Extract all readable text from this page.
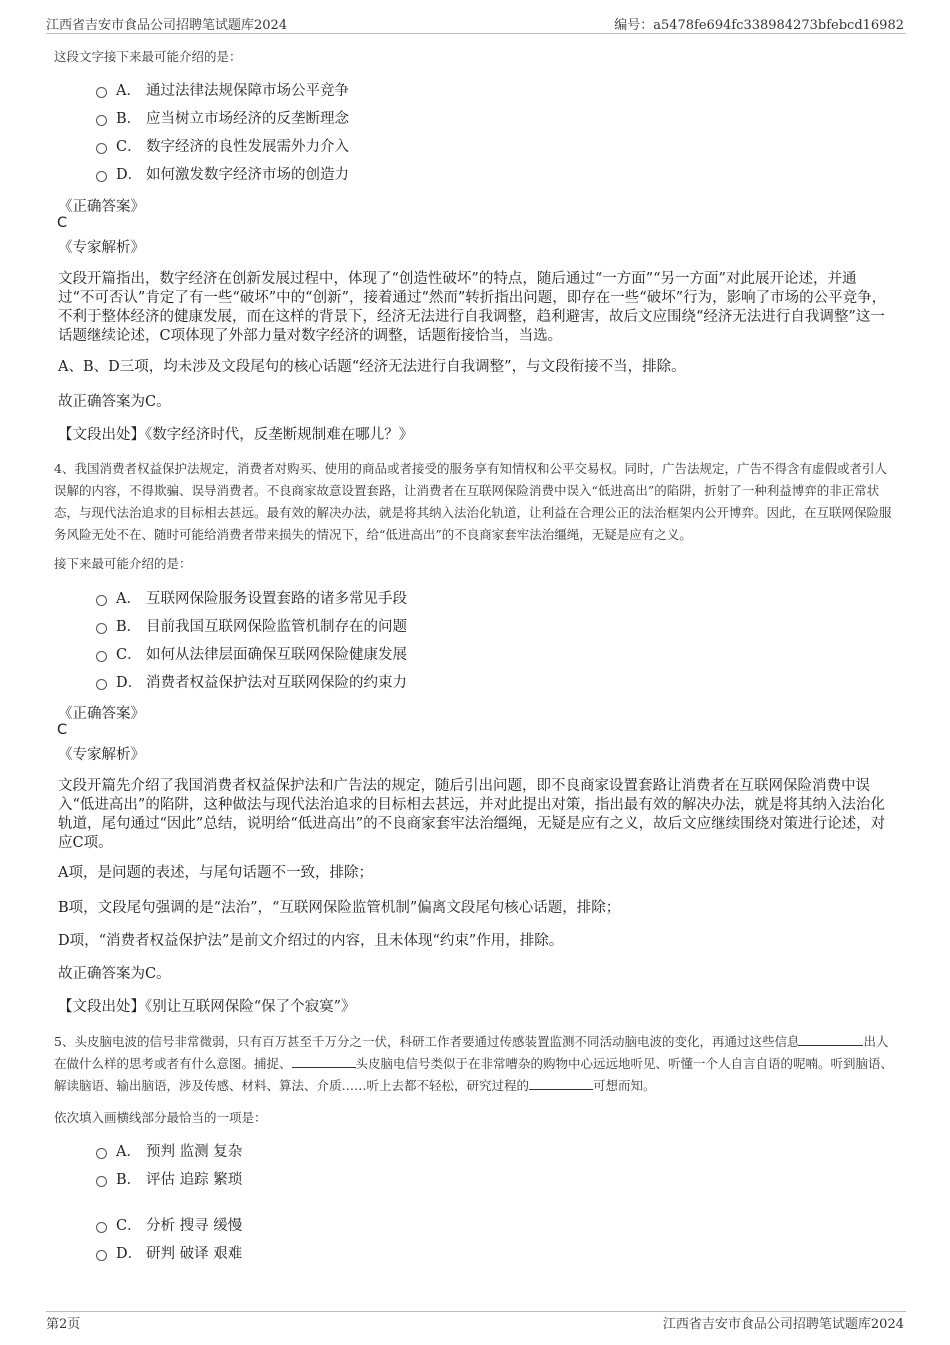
江西省吉安市食品公司招聘笔试题库2024	编号：a5478fe694fc338984273bfebcd16982
这段文字接下来最可能介绍的是：
A． 通过法律法规保障市场公平竞争
B． 应当树立市场经济的反垄断理念
C． 数字经济的良性发展需外力介入
D． 如何激发数字经济市场的创造力
《正确答案》
C
《专家解析》
文段开篇指出，数字经济在创新发展过程中，体现了“创造性破坏”的特点，随后通过“一方面”“另一方面”对此展开论述，并通过“不可否认”肯定了有一些“破坏”中的“创新”，接着通过“然而”转折指出问题，即存在一些“破坏”行为，影响了市场的公平竞争，不利于整体经济的健康发展，而在这样的背景下，经济无法进行自我调整，趋利避害，故后文应围绕“经济无法进行自我调整”这一话题继续论述，C项体现了外部力量对数字经济的调整，话题衔接恰当，当选。
A、B、D三项，均未涉及文段尾句的核心话题“经济无法进行自我调整”，与文段衔接不当，排除。
故正确答案为C。
【文段出处】《数字经济时代，反垄断规制难在哪儿？》
4、我国消费者权益保护法规定，消费者对购买、使用的商品或者接受的服务享有知情权和公平交易权。同时，广告法规定，广告不得含有虚假或者引人误解的内容，不得欺骗、误导消费者。不良商家故意设置套路，让消费者在互联网保险消费中误入“低进高出”的陷阱，折射了一种利益博弈的非正常状态，与现代法治追求的目标相去甚远。最有效的解决办法，就是将其纳入法治化轨道，让利益在合理公正的法治框架内公开博弈。因此，在互联网保险服务风险无处不在、随时可能给消费者带来损失的情况下，给“低进高出”的不良商家套牢法治缰绳，无疑是应有之义。
接下来最可能介绍的是：
A． 互联网保险服务设置套路的诸多常见手段
B． 目前我国互联网保险监管机制存在的问题
C． 如何从法律层面确保互联网保险健康发展
D． 消费者权益保护法对互联网保险的约束力
《正确答案》
C
《专家解析》
文段开篇先介绍了我国消费者权益保护法和广告法的规定，随后引出问题，即不良商家设置套路让消费者在互联网保险消费中误入“低进高出”的陷阱，这种做法与现代法治追求的目标相去甚远，并对此提出对策，指出最有效的解决办法，就是将其纳入法治化轨道，尾句通过“因此”总结，说明给“低进高出”的不良商家套牢法治缰绳，无疑是应有之义，故后文应继续围绕对策进行论述，对应C项。
A项，是问题的表述，与尾句话题不一致，排除；
B项，文段尾句强调的是“法治”，“互联网保险监管机制”偏离文段尾句核心话题，排除；
D项，“消费者权益保护法”是前文介绍过的内容，且未体现“约束”作用，排除。
故正确答案为C。
【文段出处】《别让互联网保险“保了个寂寞”》
5、头皮脑电波的信号非常微弱，只有百万甚至千万分之一伏，科研工作者要通过传感装置监测不同活动脑电波的变化，再通过这些信息	出人在做什么样的思考或者有什么意图。捕捉、	头皮脑电信号类似于在非常嘈杂的购物中心远远地听见、听懂一个人自言自语的呢喃。听到脑语、解读脑语、输出脑语，涉及传感、材料、算法、介质……听上去都不轻松，研究过程的	可想而知。
依次填入画横线部分最恰当的一项是：
A． 预判 监测 复杂
B． 评估 追踪 繁琐
C． 分析 搜寻 缓慢
D． 研判 破译 艰难
第2页	江西省吉安市食品公司招聘笔试题库2024
